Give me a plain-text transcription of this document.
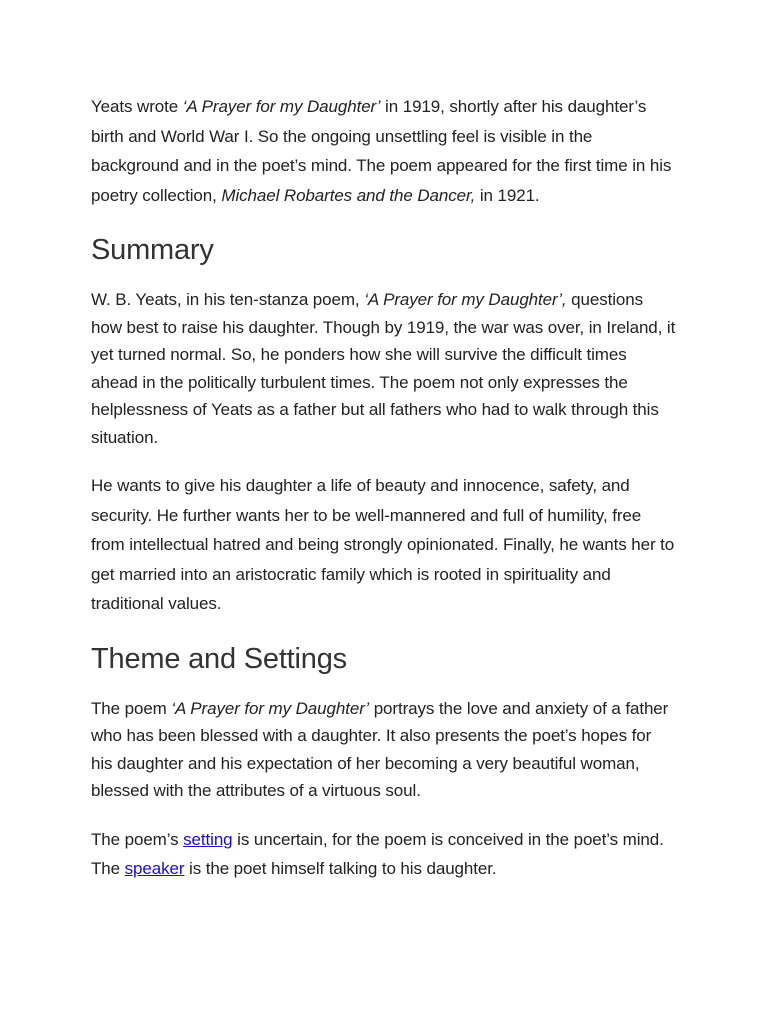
Yeats wrote ‘A Prayer for my Daughter’ in 1919, shortly after his daughter’s birth and World War I. So the ongoing unsettling feel is visible in the background and in the poet’s mind. The poem appeared for the first time in his poetry collection, Michael Robartes and the Dancer, in 1921.

Summary

W. B. Yeats, in his ten-stanza poem, ‘A Prayer for my Daughter’, questions how best to raise his daughter. Though by 1919, the war was over, in Ireland, it yet turned normal. So, he ponders how she will survive the difficult times ahead in the politically turbulent times. The poem not only expresses the helplessness of Yeats as a father but all fathers who had to walk through this situation.

He wants to give his daughter a life of beauty and innocence, safety, and security. He further wants her to be well-mannered and full of humility, free from intellectual hatred and being strongly opinionated. Finally, he wants her to get married into an aristocratic family which is rooted in spirituality and traditional values.

Theme and Settings

The poem ‘A Prayer for my Daughter’ portrays the love and anxiety of a father who has been blessed with a daughter. It also presents the poet’s hopes for his daughter and his expectation of her becoming a very beautiful woman, blessed with the attributes of a virtuous soul.

The poem’s setting is uncertain, for the poem is conceived in the poet’s mind. The speaker is the poet himself talking to his daughter.
